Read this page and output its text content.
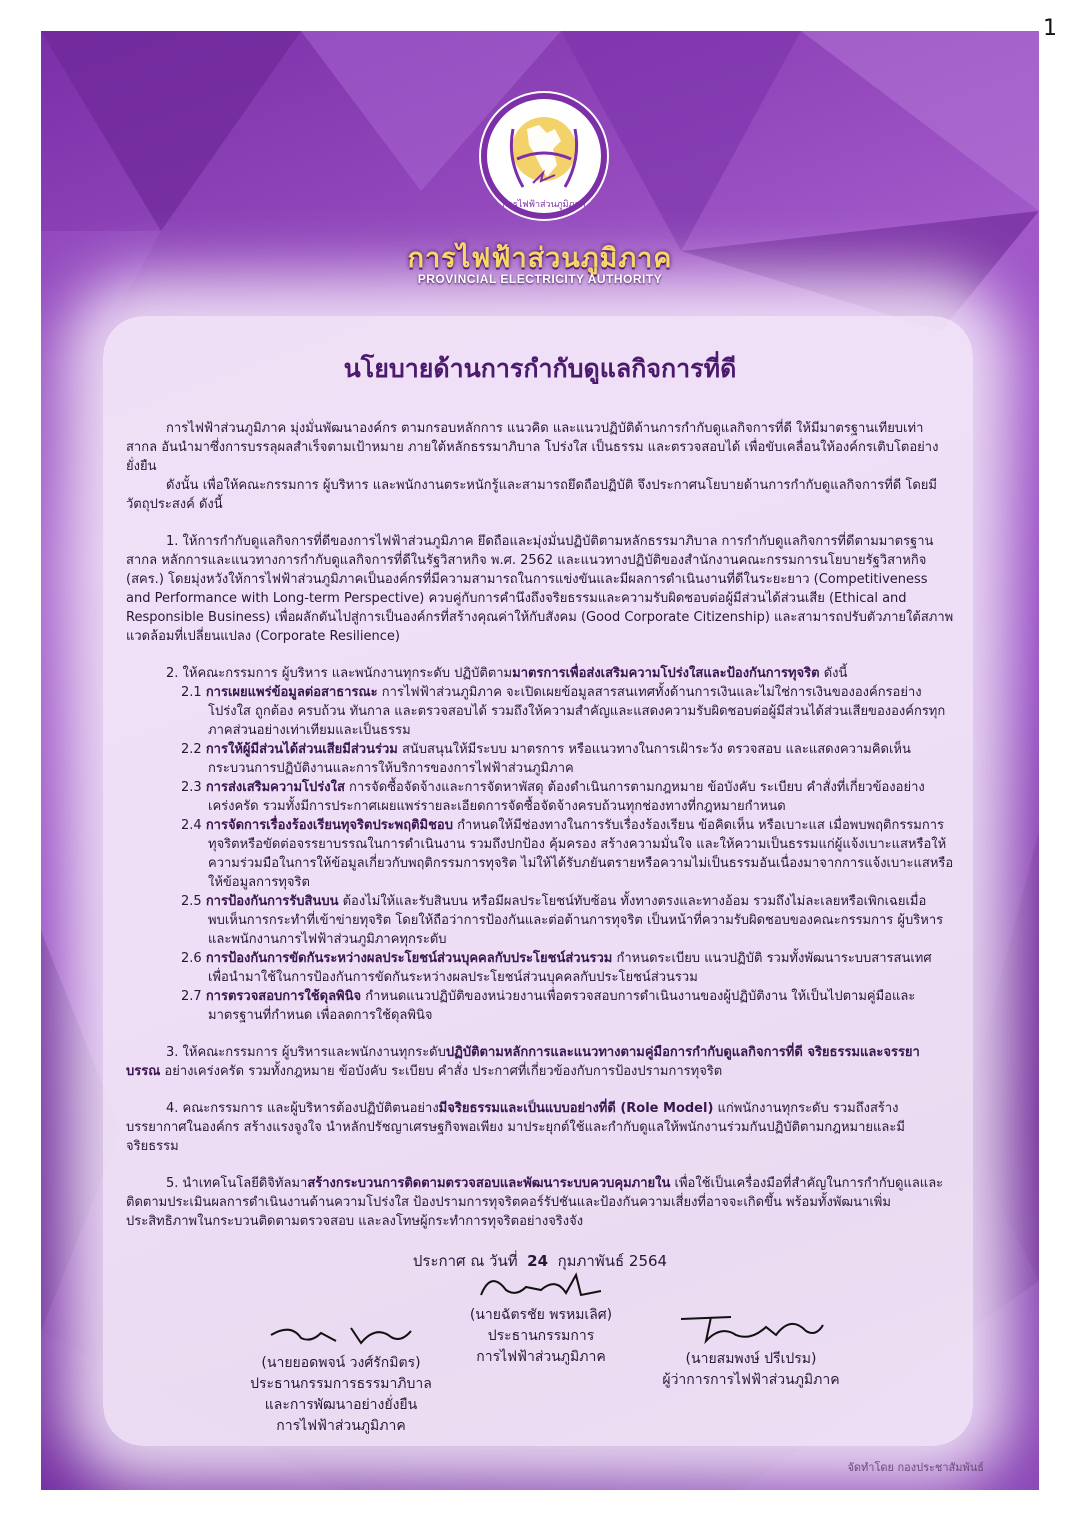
1
การไฟฟ้าส่วนภูมิภาค
การไฟฟ้าส่วนภูมิภาค
PROVINCIAL ELECTRICITY AUTHORITY
นโยบายด้านการกำกับดูแลกิจการที่ดี

การไฟฟ้าส่วนภูมิภาค มุ่งมั่นพัฒนาองค์กร ตามกรอบหลักการ แนวคิด และแนวปฏิบัติด้านการกำกับดูแลกิจการที่ดี ให้มีมาตรฐานเทียบเท่าสากล อันนำมาซึ่งการบรรลุผลสำเร็จตามเป้าหมาย ภายใต้หลักธรรมาภิบาล โปร่งใส เป็นธรรม และตรวจสอบได้ เพื่อขับเคลื่อนให้องค์กรเติบโตอย่างยั่งยืน

ดังนั้น เพื่อให้คณะกรรมการ ผู้บริหาร และพนักงานตระหนักรู้และสามารถยึดถือปฏิบัติ จึงประกาศนโยบายด้านการกำกับดูแลกิจการที่ดี โดยมีวัตถุประสงค์ ดังนี้

1. ให้การกำกับดูแลกิจการที่ดีของการไฟฟ้าส่วนภูมิภาค ยึดถือและมุ่งมั่นปฏิบัติตามหลักธรรมาภิบาล การกำกับดูแลกิจการที่ดีตามมาตรฐานสากล หลักการและแนวทางการกำกับดูแลกิจการที่ดีในรัฐวิสาหกิจ พ.ศ. 2562 และแนวทางปฏิบัติของสำนักงานคณะกรรมการนโยบายรัฐวิสาหกิจ (สคร.) โดยมุ่งหวังให้การไฟฟ้าส่วนภูมิภาคเป็นองค์กรที่มีความสามารถในการแข่งขันและมีผลการดำเนินงานที่ดีในระยะยาว (Competitiveness and Performance with Long-term Perspective) ควบคู่กับการคำนึงถึงจริยธรรมและความรับผิดชอบต่อผู้มีส่วนได้ส่วนเสีย (Ethical and Responsible Business) เพื่อผลักดันไปสู่การเป็นองค์กรที่สร้างคุณค่าให้กับสังคม (Good Corporate Citizenship) และสามารถปรับตัวภายใต้สภาพแวดล้อมที่เปลี่ยนแปลง (Corporate Resilience)

2. ให้คณะกรรมการ ผู้บริหาร และพนักงานทุกระดับ ปฏิบัติตามมาตรการเพื่อส่งเสริมความโปร่งใสและป้องกันการทุจริต ดังนี้

2.1 การเผยแพร่ข้อมูลต่อสาธารณะ การไฟฟ้าส่วนภูมิภาค จะเปิดเผยข้อมูลสารสนเทศทั้งด้านการเงินและไม่ใช่การเงินขององค์กรอย่างโปร่งใส ถูกต้อง ครบถ้วน ทันกาล และตรวจสอบได้ รวมถึงให้ความสำคัญและแสดงความรับผิดชอบต่อผู้มีส่วนได้ส่วนเสียขององค์กรทุกภาคส่วนอย่างเท่าเทียมและเป็นธรรม

2.2 การให้ผู้มีส่วนได้ส่วนเสียมีส่วนร่วม สนับสนุนให้มีระบบ มาตรการ หรือแนวทางในการเฝ้าระวัง ตรวจสอบ และแสดงความคิดเห็นกระบวนการปฏิบัติงานและการให้บริการของการไฟฟ้าส่วนภูมิภาค

2.3 การส่งเสริมความโปร่งใส การจัดซื้อจัดจ้างและการจัดหาพัสดุ ต้องดำเนินการตามกฎหมาย ข้อบังคับ ระเบียบ คำสั่งที่เกี่ยวข้องอย่างเคร่งครัด รวมทั้งมีการประกาศเผยแพร่รายละเอียดการจัดซื้อจัดจ้างครบถ้วนทุกช่องทางที่กฎหมายกำหนด

2.4 การจัดการเรื่องร้องเรียนทุจริตประพฤติมิชอบ กำหนดให้มีช่องทางในการรับเรื่องร้องเรียน ข้อคิดเห็น หรือเบาะแส เมื่อพบพฤติกรรมการทุจริตหรือขัดต่อจรรยาบรรณในการดำเนินงาน รวมถึงปกป้อง คุ้มครอง สร้างความมั่นใจ และให้ความเป็นธรรมแก่ผู้แจ้งเบาะแสหรือให้ความร่วมมือในการให้ข้อมูลเกี่ยวกับพฤติกรรมการทุจริต ไม่ให้ได้รับภยันตรายหรือความไม่เป็นธรรมอันเนื่องมาจากการแจ้งเบาะแสหรือให้ข้อมูลการทุจริต

2.5 การป้องกันการรับสินบน ต้องไม่ให้และรับสินบน หรือมีผลประโยชน์ทับซ้อน ทั้งทางตรงและทางอ้อม รวมถึงไม่ละเลยหรือเพิกเฉยเมื่อพบเห็นการกระทำที่เข้าข่ายทุจริต โดยให้ถือว่าการป้องกันและต่อต้านการทุจริต เป็นหน้าที่ความรับผิดชอบของคณะกรรมการ ผู้บริหาร และพนักงานการไฟฟ้าส่วนภูมิภาคทุกระดับ

2.6 การป้องกันการขัดกันระหว่างผลประโยชน์ส่วนบุคคลกับประโยชน์ส่วนรวม กำหนดระเบียบ แนวปฏิบัติ รวมทั้งพัฒนาระบบสารสนเทศ เพื่อนำมาใช้ในการป้องกันการขัดกันระหว่างผลประโยชน์ส่วนบุคคลกับประโยชน์ส่วนรวม

2.7 การตรวจสอบการใช้ดุลพินิจ กำหนดแนวปฏิบัติของหน่วยงานเพื่อตรวจสอบการดำเนินงานของผู้ปฏิบัติงาน ให้เป็นไปตามคู่มือและมาตรฐานที่กำหนด เพื่อลดการใช้ดุลพินิจ

3. ให้คณะกรรมการ ผู้บริหารและพนักงานทุกระดับปฏิบัติตามหลักการและแนวทางตามคู่มือการกำกับดูแลกิจการที่ดี จริยธรรมและจรรยาบรรณ อย่างเคร่งครัด รวมทั้งกฎหมาย ข้อบังคับ ระเบียบ คำสั่ง ประกาศที่เกี่ยวข้องกับการป้องปรามการทุจริต

4. คณะกรรมการ และผู้บริหารต้องปฏิบัติตนอย่างมีจริยธรรมและเป็นแบบอย่างที่ดี (Role Model) แก่พนักงานทุกระดับ รวมถึงสร้างบรรยากาศในองค์กร สร้างแรงจูงใจ นำหลักปรัชญาเศรษฐกิจพอเพียง มาประยุกต์ใช้และกำกับดูแลให้พนักงานร่วมกันปฏิบัติตามกฎหมายและมีจริยธรรม

5. นำเทคโนโลยีดิจิทัลมาสร้างกระบวนการติดตามตรวจสอบและพัฒนาระบบควบคุมภายใน เพื่อใช้เป็นเครื่องมือที่สำคัญในการกำกับดูแลและติดตามประเมินผลการดำเนินงานด้านความโปร่งใส ป้องปรามการทุจริตคอร์รัปชันและป้องกันความเสี่ยงที่อาจจะเกิดขึ้น พร้อมทั้งพัฒนาเพิ่มประสิทธิภาพในกระบวนติดตามตรวจสอบ และลงโทษผู้กระทำการทุจริตอย่างจริงจัง

ประกาศ ณ วันที่ 24 กุมภาพันธ์ 2564
(นายฉัตรชัย พรหมเลิศ)
ประธานกรรมการ
การไฟฟ้าส่วนภูมิภาค
(นายยอดพจน์ วงศ์รักมิตร)
ประธานกรรมการธรรมาภิบาล
และการพัฒนาอย่างยั่งยืน
การไฟฟ้าส่วนภูมิภาค
(นายสมพงษ์ ปรีเปรม)
ผู้ว่าการการไฟฟ้าส่วนภูมิภาค
จัดทำโดย กองประชาสัมพันธ์
